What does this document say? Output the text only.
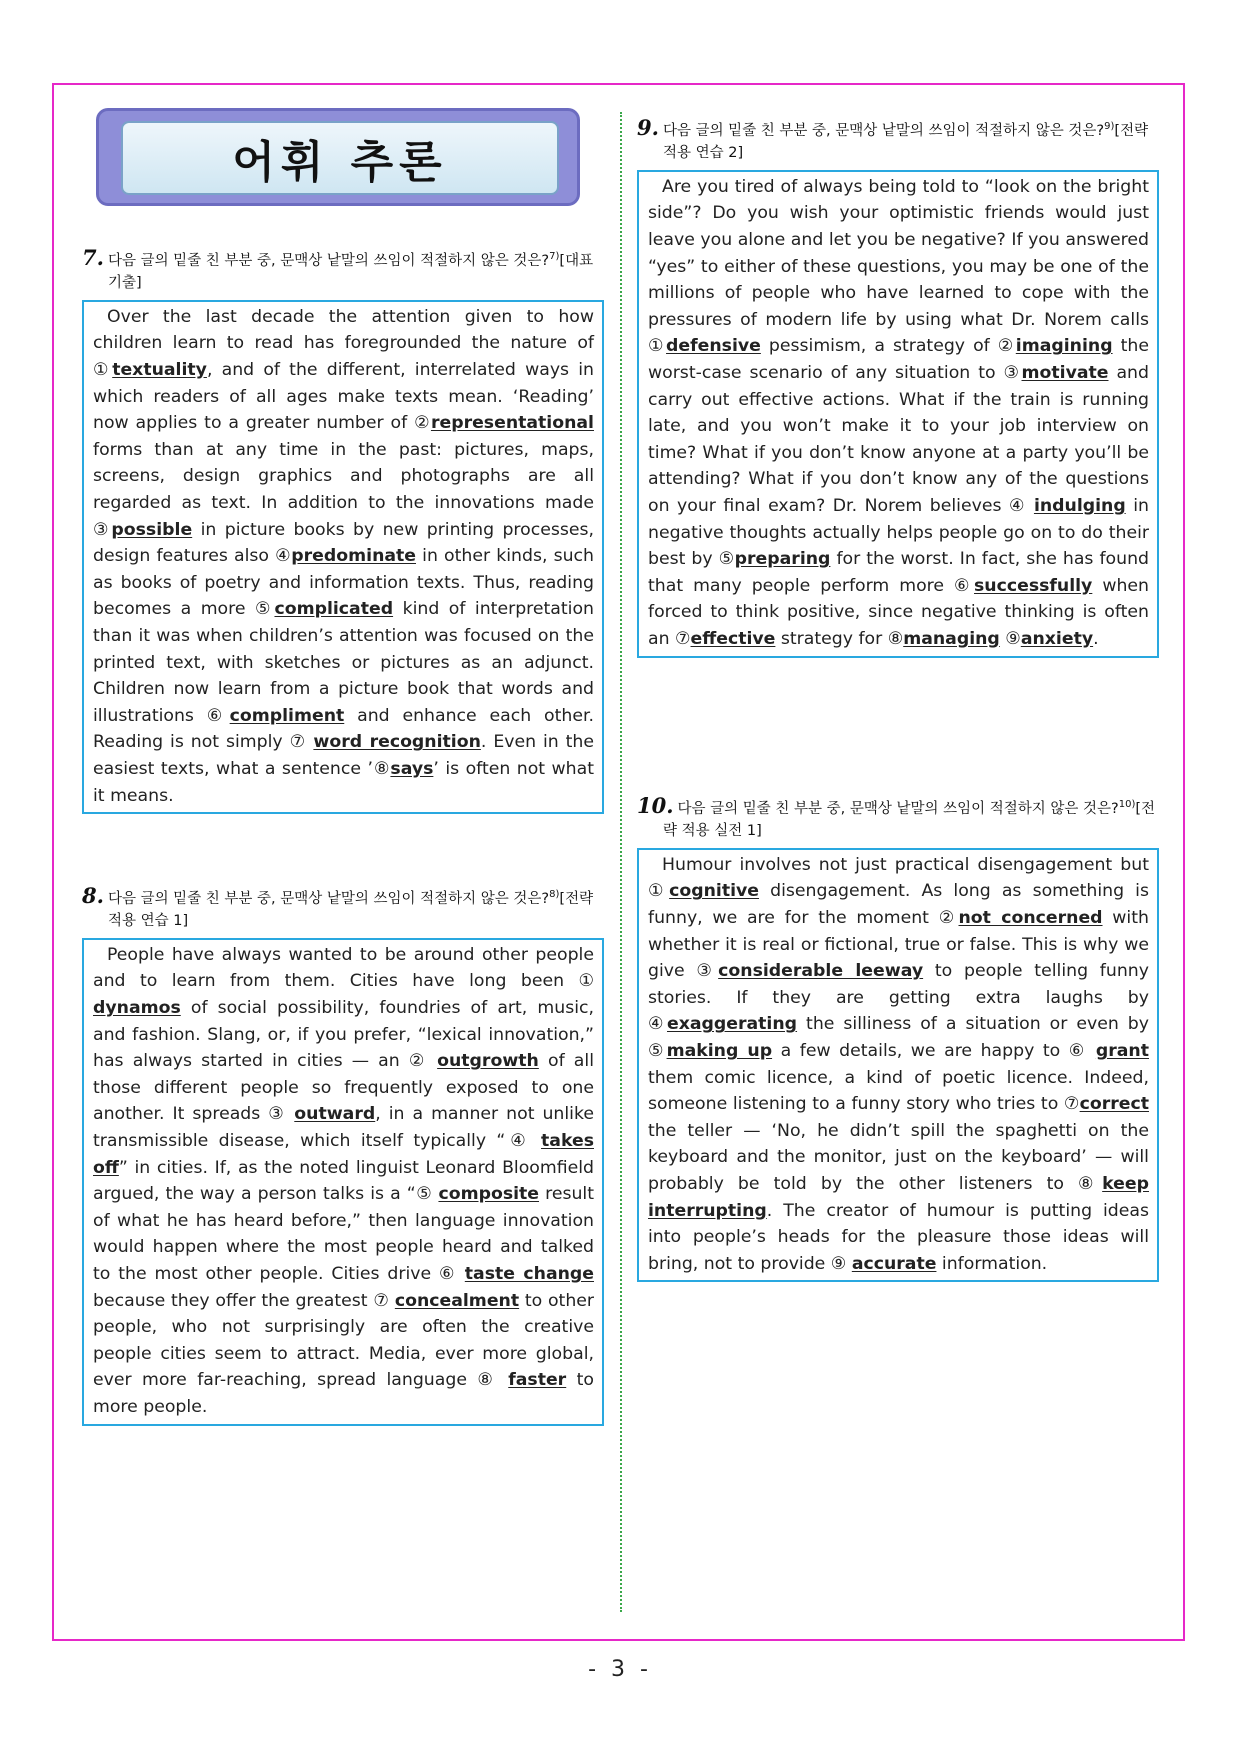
어휘 추론
7. 다음 글의 밑줄 친 부분 중, 문맥상 낱말의 쓰임이 적절하지 않은 것은?$^{7)}$[대표기출]

Over the last decade the attention given to how children learn to read has foregrounded the nature of ①textuality, and of the different, interrelated ways in which readers of all ages make texts mean. ‘Reading’ now applies to a greater number of ②representational forms than at any time in the past: pictures, maps, screens, design graphics and photographs are all regarded as text. In addition to the innovations made ③possible in picture books by new printing processes, design features also ④predominate in other kinds, such as books of poetry and information texts. Thus, reading becomes a more ⑤complicated kind of interpretation than it was when children’s attention was focused on the printed text, with sketches or pictures as an adjunct. Children now learn from a picture book that words and illustrations ⑥compliment and enhance each other. Reading is not simply ⑦ word recognition. Even in the easiest texts, what a sentence ’⑧says’ is often not what it means.

8. 다음 글의 밑줄 친 부분 중, 문맥상 낱말의 쓰임이 적절하지 않은 것은?$^{8)}$[전략 적용 연습 1]

People have always wanted to be around other people and to learn from them. Cities have long been ① dynamos of social possibility, foundries of art, music, and fashion. Slang, or, if you prefer, “lexical innovation,” has always started in cities — an ② outgrowth of all those different people so frequently exposed to one another. It spreads ③ outward, in a manner not unlike transmissible disease, which itself typically “④ takes off” in cities. If, as the noted linguist Leonard Bloomfield argued, the way a person talks is a “⑤ composite result of what he has heard before,” then language innovation would happen where the most people heard and talked to the most other people. Cities drive ⑥ taste change because they offer the greatest ⑦ concealment to other people, who not surprisingly are often the creative people cities seem to attract. Media, ever more global, ever more far-reaching, spread language ⑧ faster to more people.

9. 다음 글의 밑줄 친 부분 중, 문맥상 낱말의 쓰임이 적절하지 않은 것은?$^{9)}$[전략 적용 연습 2]

Are you tired of always being told to “look on the bright side”? Do you wish your optimistic friends would just leave you alone and let you be negative? If you answered “yes” to either of these questions, you may be one of the millions of people who have learned to cope with the pressures of modern life by using what Dr. Norem calls ①defensive pessimism, a strategy of ②imagining the worst-case scenario of any situation to ③motivate and carry out effective actions. What if the train is running late, and you won’t make it to your job interview on time? What if you don’t know anyone at a party you’ll be attending? What if you don’t know any of the questions on your final exam? Dr. Norem believes ④ indulging in negative thoughts actually helps people go on to do their best by ⑤preparing for the worst. In fact, she has found that many people perform more ⑥successfully when forced to think positive, since negative thinking is often an ⑦effective strategy for ⑧managing ⑨anxiety.

10. 다음 글의 밑줄 친 부분 중, 문맥상 낱말의 쓰임이 적절하지 않은 것은?$^{10)}$[전략 적용 실전 1]

Humour involves not just practical disengagement but ①cognitive disengagement. As long as something is funny, we are for the moment ②not concerned with whether it is real or fictional, true or false. This is why we give ③considerable leeway to people telling funny stories. If they are getting extra laughs by ④exaggerating the silliness of a situation or even by ⑤making up a few details, we are happy to ⑥ grant them comic licence, a kind of poetic licence. Indeed, someone listening to a funny story who tries to ⑦correct the teller — ‘No, he didn’t spill the spaghetti on the keyboard and the monitor, just on the keyboard’ — will probably be told by the other listeners to ⑧keep interrupting. The creator of humour is putting ideas into people’s heads for the pleasure those ideas will bring, not to provide ⑨ accurate information.

- 3 -
